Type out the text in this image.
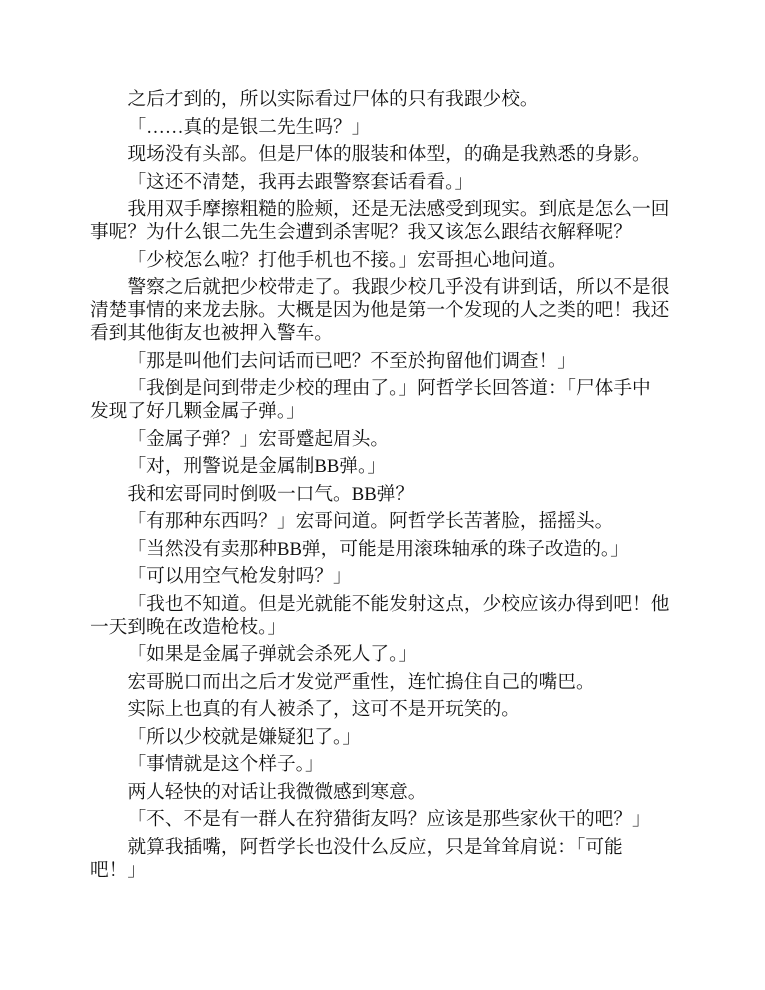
之后才到的，所以实际看过尸体的只有我跟少校。
「……真的是银二先生吗？」
现场没有头部。但是尸体的服装和体型，的确是我熟悉的身影。
「这还不清楚，我再去跟警察套话看看。」
我用双手摩擦粗糙的脸颊，还是无法感受到现实。到底是怎么一回
事呢？为什么银二先生会遭到杀害呢？我又该怎么跟结衣解释呢？
「少校怎么啦？打他手机也不接。」宏哥担心地问道。
警察之后就把少校带走了。我跟少校几乎没有讲到话，所以不是很
清楚事情的来龙去脉。大概是因为他是第一个发现的人之类的吧！我还
看到其他街友也被押入警车。
「那是叫他们去问话而已吧？不至於拘留他们调查！」
「我倒是问到带走少校的理由了。」阿哲学长回答道：「尸体手中
发现了好几颗金属子弹。」
「金属子弹？」宏哥蹙起眉头。
「对，刑警说是金属制BB弹。」
我和宏哥同时倒吸一口气。BB弹？
「有那种东西吗？」宏哥问道。阿哲学长苦著脸，摇摇头。
「当然没有卖那种BB弹，可能是用滚珠轴承的珠子改造的。」
「可以用空气枪发射吗？」
「我也不知道。但是光就能不能发射这点，少校应该办得到吧！他
一天到晚在改造枪枝。」
「如果是金属子弹就会杀死人了。」
宏哥脱口而出之后才发觉严重性，连忙摀住自己的嘴巴。
实际上也真的有人被杀了，这可不是开玩笑的。
「所以少校就是嫌疑犯了。」
「事情就是这个样子。」
两人轻快的对话让我微微感到寒意。
「不、不是有一群人在狩猎街友吗？应该是那些家伙干的吧？」
就算我插嘴，阿哲学长也没什么反应，只是耸耸肩说：「可能
吧！」
